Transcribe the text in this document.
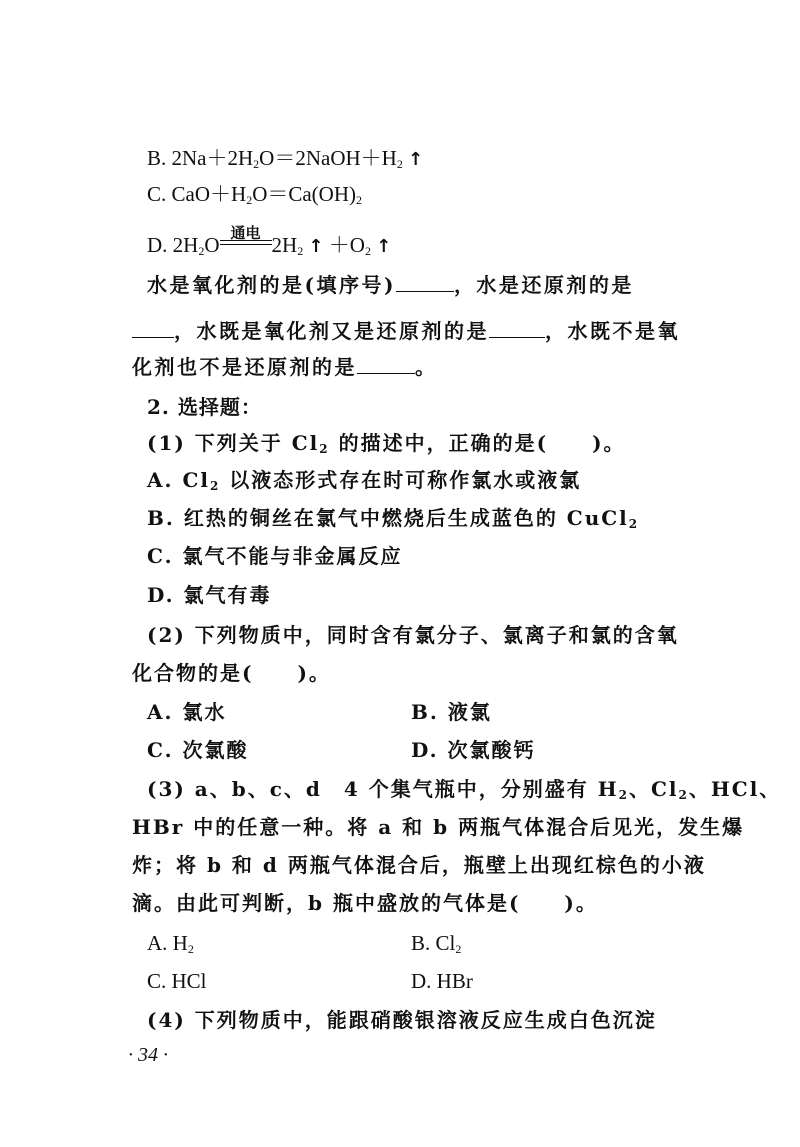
B. $2Na+2H_2O=2NaOH+H_2$ ↑
C. $CaO+H_2O=Ca(OH)_2$
D. $2H_2O$ 通电 $2H_2$ ↑ $+O_2$ ↑
水是氧化剂的是(填序号)	，水是还原剂的是
，水既是氧化剂又是还原剂的是	，水既不是氧
化剂也不是还原剂的是	。
2. 选择题：
(1) 下列关于 $Cl_2$ 的描述中，正确的是(　　)。
A. $Cl_2$ 以液态形式存在时可称作氯水或液氯
B. 红热的铜丝在氯气中燃烧后生成蓝色的 CuCl$_2$
C. 氯气不能与非金属反应
D. 氯气有毒
(2) 下列物质中，同时含有氯分子、氯离子和氯的含氧
化合物的是(　　)。
A. 氯水	B. 液氯
C. 次氯酸	D. 次氯酸钙
(3) a、b、c、d　4 个集气瓶中，分别盛有 $H_2$、$Cl_2$、HCl、
HBr 中的任意一种。将 a 和 b 两瓶气体混合后见光，发生爆
炸；将 b 和 d 两瓶气体混合后，瓶壁上出现红棕色的小液
滴。由此可判断，b 瓶中盛放的气体是(　　)。
A. $H_2$	B. $Cl_2$
C. HCl	D. HBr
(4) 下列物质中，能跟硝酸银溶液反应生成白色沉淀
· 34 ·
